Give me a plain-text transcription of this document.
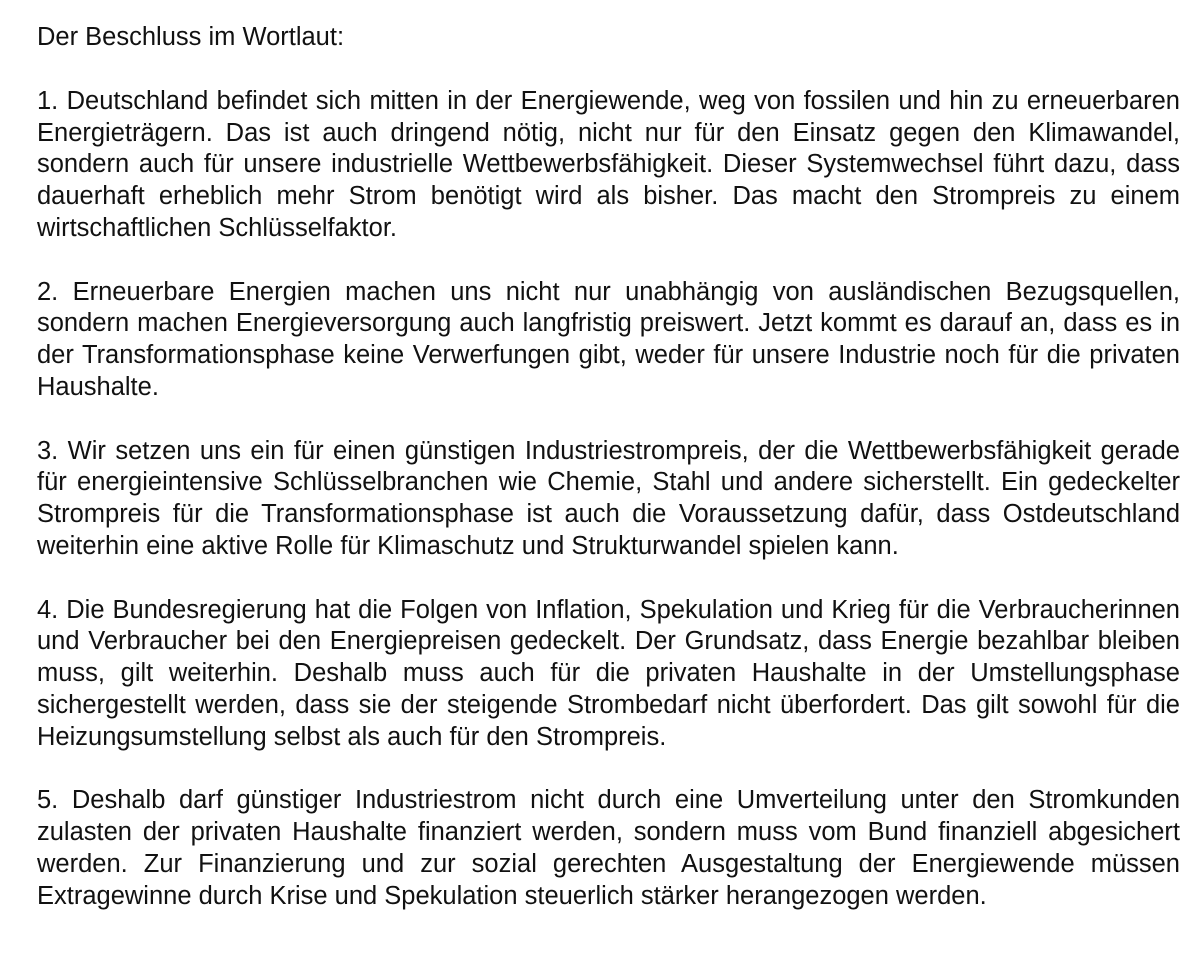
Der Beschluss im Wortlaut:

1. Deutschland befindet sich mitten in der Energiewende, weg von fossilen und hin zu erneuerbaren Energieträgern. Das ist auch dringend nötig, nicht nur für den Einsatz gegen den Klimawandel, sondern auch für unsere industrielle Wettbewerbsfähigkeit. Dieser Systemwechsel führt dazu, dass dauerhaft erheblich mehr Strom benötigt wird als bisher. Das macht den Strompreis zu einem wirtschaftlichen Schlüsselfaktor.

2. Erneuerbare Energien machen uns nicht nur unabhängig von ausländischen Bezugsquellen, sondern machen Energieversorgung auch langfristig preiswert. Jetzt kommt es darauf an, dass es in der Transformationsphase keine Verwerfungen gibt, weder für unsere Industrie noch für die privaten Haushalte.

3. Wir setzen uns ein für einen günstigen Industriestrompreis, der die Wettbewerbsfähigkeit gerade für energieintensive Schlüsselbranchen wie Chemie, Stahl und andere sicherstellt. Ein gedeckelter Strompreis für die Transformationsphase ist auch die Voraussetzung dafür, dass Ostdeutschland weiterhin eine aktive Rolle für Klimaschutz und Strukturwandel spielen kann.

4. Die Bundesregierung hat die Folgen von Inflation, Spekulation und Krieg für die Verbraucherinnen und Verbraucher bei den Energiepreisen gedeckelt. Der Grundsatz, dass Energie bezahlbar bleiben muss, gilt weiterhin. Deshalb muss auch für die privaten Haushalte in der Umstellungsphase sichergestellt werden, dass sie der steigende Strombedarf nicht überfordert. Das gilt sowohl für die Heizungsumstellung selbst als auch für den Strompreis.

5. Deshalb darf günstiger Industriestrom nicht durch eine Umverteilung unter den Stromkunden zulasten der privaten Haushalte finanziert werden, sondern muss vom Bund finanziell abgesichert werden. Zur Finanzierung und zur sozial gerechten Ausgestaltung der Energiewende müssen Extragewinne durch Krise und Spekulation steuerlich stärker herangezogen werden.
